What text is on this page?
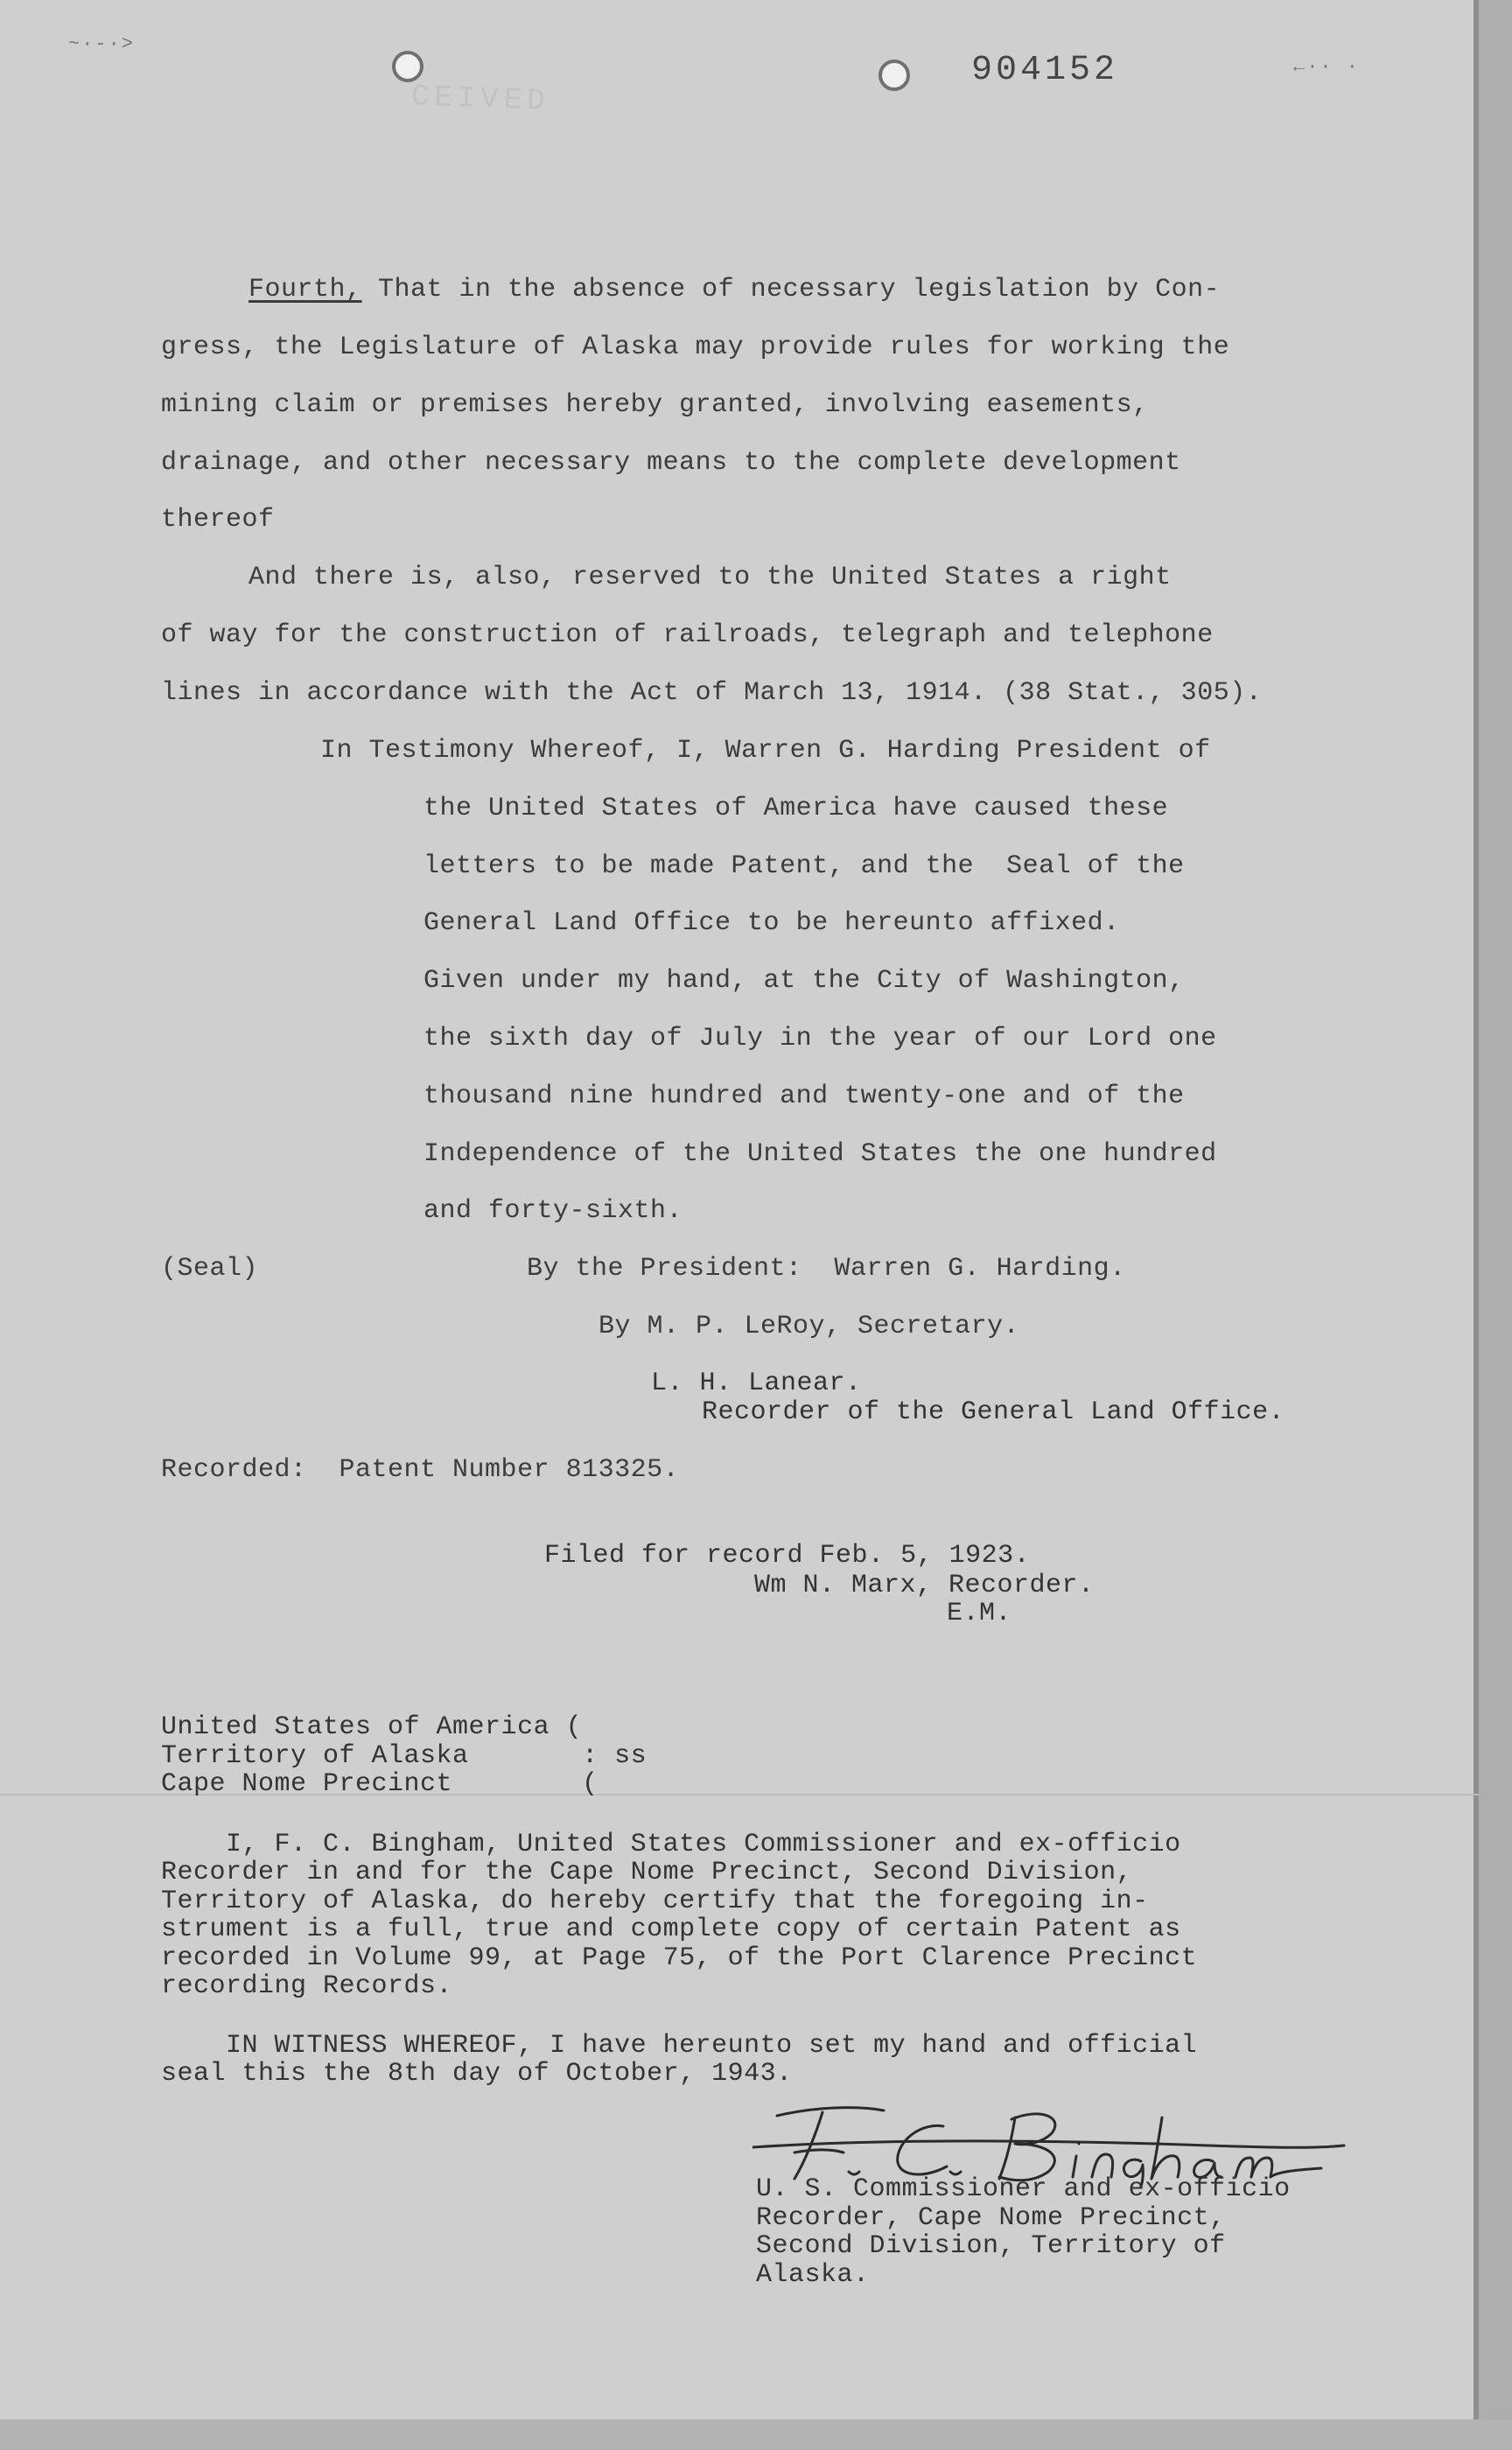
~·-·>
←·· ·
CEIVED
904152
Fourth, That in the absence of necessary legislation by Con-
gress, the Legislature of Alaska may provide rules for working the
mining claim or premises hereby granted, involving easements,
drainage, and other necessary means to the complete development
thereof
And there is, also, reserved to the United States a right
of way for the construction of railroads, telegraph and telephone
lines in accordance with the Act of March 13, 1914. (38 Stat., 305).
In Testimony Whereof, I, Warren G. Harding President of
the United States of America have caused these
letters to be made Patent, and the  Seal of the
General Land Office to be hereunto affixed.
Given under my hand, at the City of Washington,
the sixth day of July in the year of our Lord one
thousand nine hundred and twenty-one and of the
Independence of the United States the one hundred
and forty-sixth.
(Seal)	By the President:  Warren G. Harding.
By M. P. LeRoy, Secretary.
L. H. Lanear.
Recorder of the General Land Office.
Recorded:  Patent Number 813325.
Filed for record Feb. 5, 1923.
Wm N. Marx, Recorder.
E.M.
United States of America (
Territory of Alaska       : ss
Cape Nome Precinct        (
I, F. C. Bingham, United States Commissioner and ex-officio
Recorder in and for the Cape Nome Precinct, Second Division,
Territory of Alaska, do hereby certify that the foregoing in-
strument is a full, true and complete copy of certain Patent as
recorded in Volume 99, at Page 75, of the Port Clarence Precinct
recording Records.
IN WITNESS WHEREOF, I have hereunto set my hand and official
seal this the 8th day of October, 1943.
U. S. Commissioner and ex-officio
Recorder, Cape Nome Precinct,
Second Division, Territory of
Alaska.
